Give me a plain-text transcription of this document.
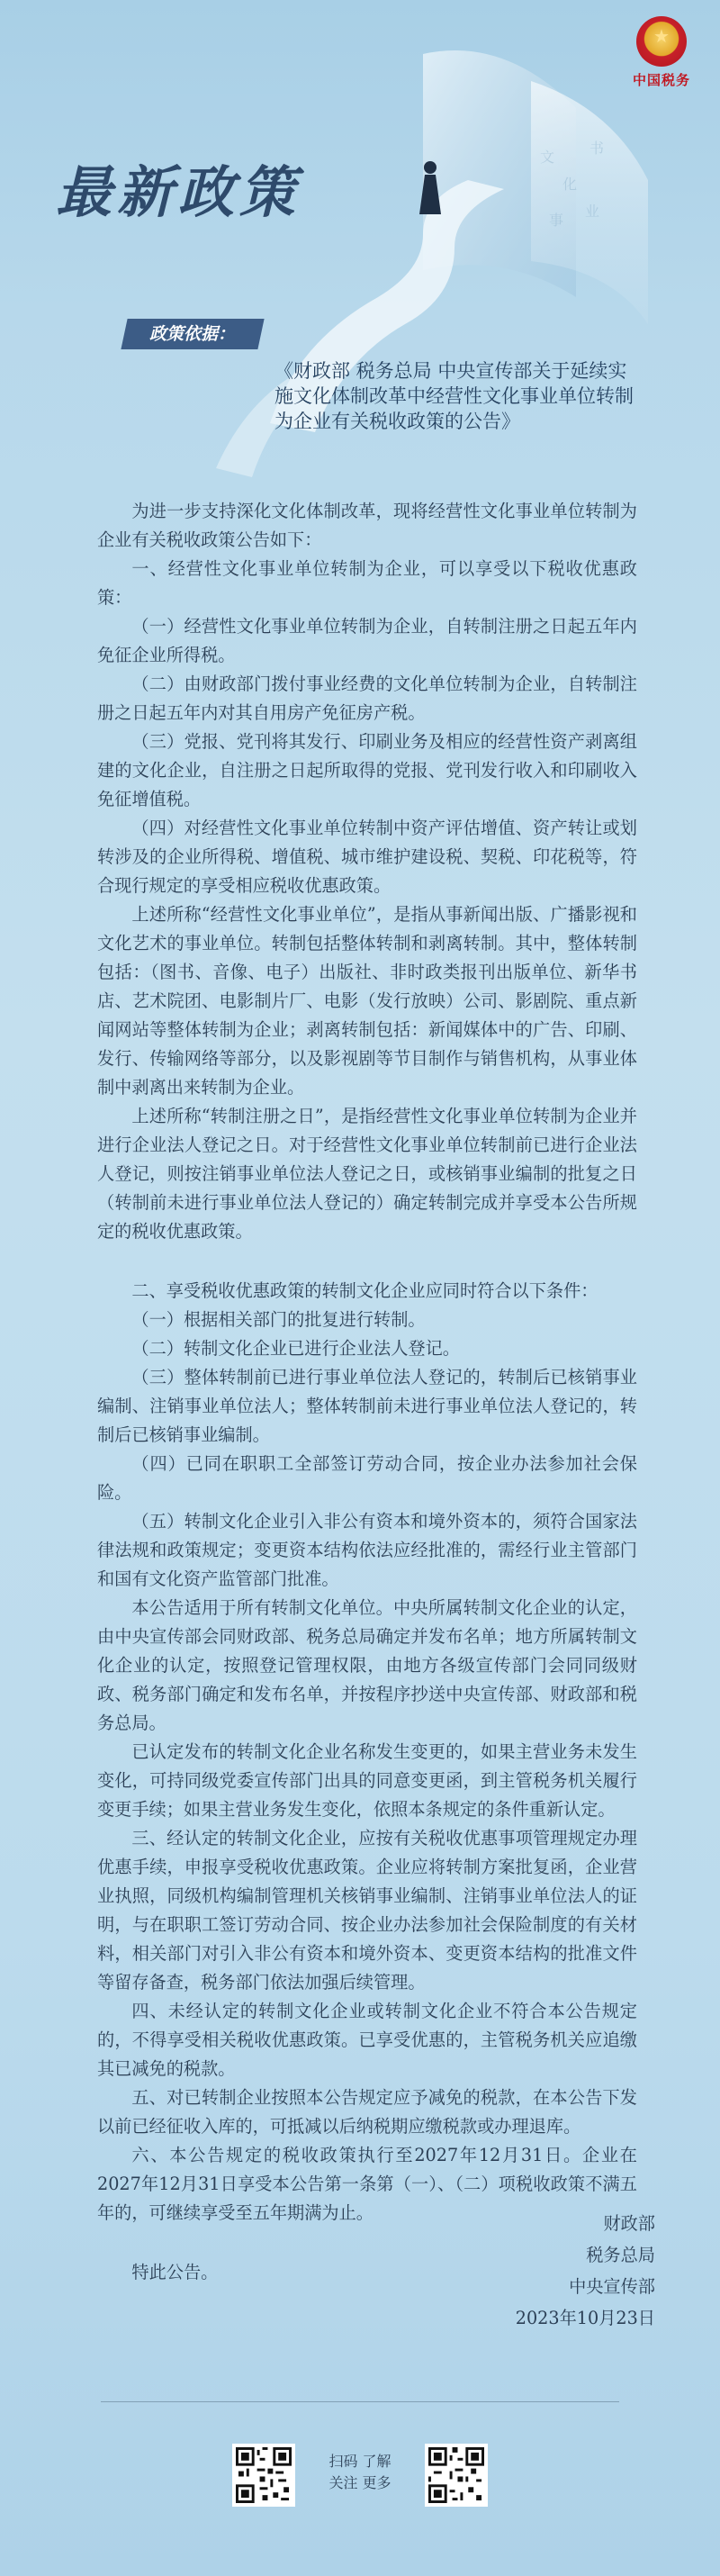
文
化
书
事
业
★
中国税务
最新政策
政策依据：
《财政部 税务总局 中央宣传部关于延续实施文化体制改革中经营性文化事业单位转制为企业有关税收政策的公告》

为进一步支持深化文化体制改革，现将经营性文化事业单位转制为企业有关税收政策公告如下：

一、经营性文化事业单位转制为企业，可以享受以下税收优惠政策：

（一）经营性文化事业单位转制为企业，自转制注册之日起五年内免征企业所得税。

（二）由财政部门拨付事业经费的文化单位转制为企业，自转制注册之日起五年内对其自用房产免征房产税。

（三）党报、党刊将其发行、印刷业务及相应的经营性资产剥离组建的文化企业，自注册之日起所取得的党报、党刊发行收入和印刷收入免征增值税。

（四）对经营性文化事业单位转制中资产评估增值、资产转让或划转涉及的企业所得税、增值税、城市维护建设税、契税、印花税等，符合现行规定的享受相应税收优惠政策。

上述所称“经营性文化事业单位”，是指从事新闻出版、广播影视和文化艺术的事业单位。转制包括整体转制和剥离转制。其中，整体转制包括：（图书、音像、电子）出版社、非时政类报刊出版单位、新华书店、艺术院团、电影制片厂、电影（发行放映）公司、影剧院、重点新闻网站等整体转制为企业；剥离转制包括：新闻媒体中的广告、印刷、发行、传输网络等部分，以及影视剧等节目制作与销售机构，从事业体制中剥离出来转制为企业。

上述所称“转制注册之日”，是指经营性文化事业单位转制为企业并进行企业法人登记之日。对于经营性文化事业单位转制前已进行企业法人登记，则按注销事业单位法人登记之日，或核销事业编制的批复之日（转制前未进行事业单位法人登记的）确定转制完成并享受本公告所规定的税收优惠政策。

二、享受税收优惠政策的转制文化企业应同时符合以下条件：

（一）根据相关部门的批复进行转制。

（二）转制文化企业已进行企业法人登记。

（三）整体转制前已进行事业单位法人登记的，转制后已核销事业编制、注销事业单位法人；整体转制前未进行事业单位法人登记的，转制后已核销事业编制。

（四）已同在职职工全部签订劳动合同，按企业办法参加社会保险。

（五）转制文化企业引入非公有资本和境外资本的，须符合国家法律法规和政策规定；变更资本结构依法应经批准的，需经行业主管部门和国有文化资产监管部门批准。

本公告适用于所有转制文化单位。中央所属转制文化企业的认定，由中央宣传部会同财政部、税务总局确定并发布名单；地方所属转制文化企业的认定，按照登记管理权限，由地方各级宣传部门会同同级财政、税务部门确定和发布名单，并按程序抄送中央宣传部、财政部和税务总局。

已认定发布的转制文化企业名称发生变更的，如果主营业务未发生变化，可持同级党委宣传部门出具的同意变更函，到主管税务机关履行变更手续；如果主营业务发生变化，依照本条规定的条件重新认定。

三、经认定的转制文化企业，应按有关税收优惠事项管理规定办理优惠手续，申报享受税收优惠政策。企业应将转制方案批复函，企业营业执照，同级机构编制管理机关核销事业编制、注销事业单位法人的证明，与在职职工签订劳动合同、按企业办法参加社会保险制度的有关材料，相关部门对引入非公有资本和境外资本、变更资本结构的批准文件等留存备查，税务部门依法加强后续管理。

四、未经认定的转制文化企业或转制文化企业不符合本公告规定的，不得享受相关税收优惠政策。已享受优惠的，主管税务机关应追缴其已减免的税款。

五、对已转制企业按照本公告规定应予减免的税款，在本公告下发以前已经征收入库的，可抵减以后纳税期应缴税款或办理退库。

六、本公告规定的税收政策执行至2027年12月31日。企业在2027年12月31日享受本公告第一条第（一）、（二）项税收政策不满五年的，可继续享受至五年期满为止。

特此公告。

财政部
税务总局
中央宣传部
2023年10月23日
扫码 了解
关注 更多
